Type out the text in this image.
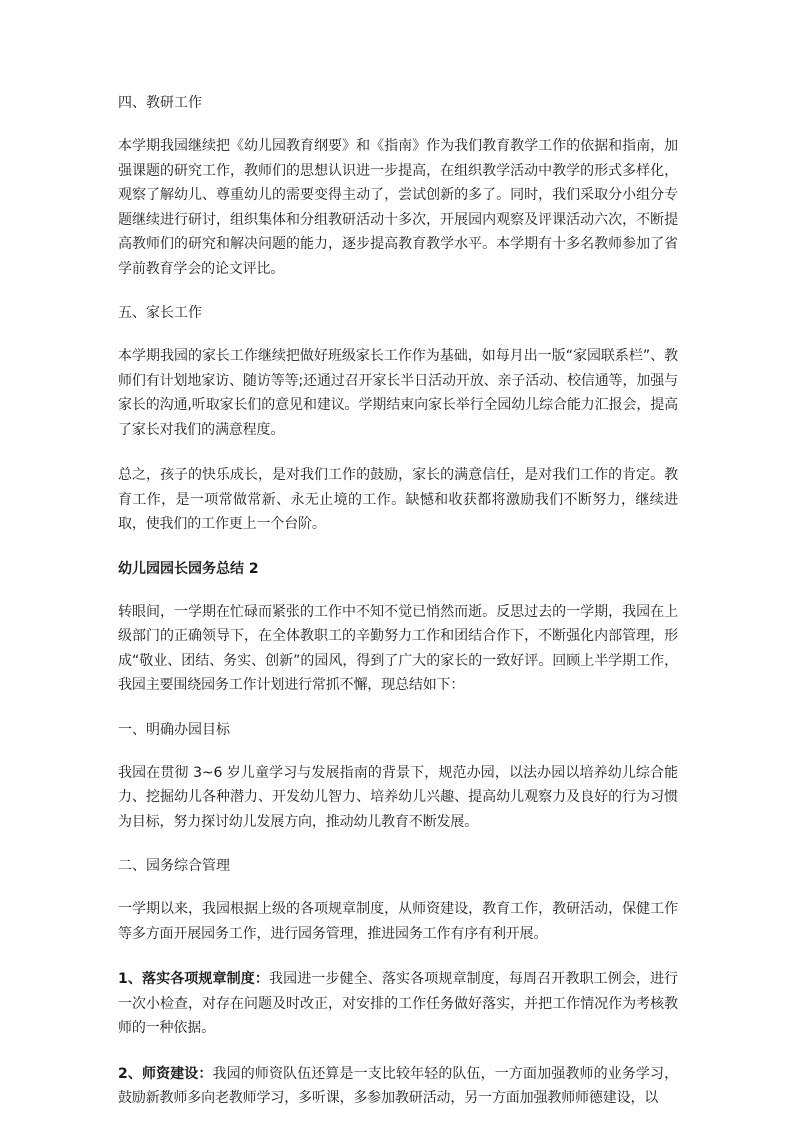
四、教研工作

本学期我园继续把《幼儿园教育纲要》和《指南》作为我们教育教学工作的依据和指南，加强课题的研究工作，教师们的思想认识进一步提高，在组织教学活动中教学的形式多样化，观察了解幼儿、尊重幼儿的需要变得主动了，尝试创新的多了。同时，我们采取分小组分专题继续进行研讨，组织集体和分组教研活动十多次，开展园内观察及评课活动六次，不断提高教师们的研究和解决问题的能力，逐步提高教育教学水平。本学期有十多名教师参加了省学前教育学会的论文评比。

五、家长工作

本学期我园的家长工作继续把做好班级家长工作作为基础，如每月出一版“家园联系栏”、教师们有计划地家访、随访等等;还通过召开家长半日活动开放、亲子活动、校信通等，加强与家长的沟通,听取家长们的意见和建议。学期结束向家长举行全园幼儿综合能力汇报会，提高了家长对我们的满意程度。

总之，孩子的快乐成长，是对我们工作的鼓励，家长的满意信任，是对我们工作的肯定。教育工作，是一项常做常新、永无止境的工作。缺憾和收获都将激励我们不断努力，继续进取，使我们的工作更上一个台阶。

幼儿园园长园务总结 2

转眼间，一学期在忙碌而紧张的工作中不知不觉已悄然而逝。反思过去的一学期，我园在上级部门的正确领导下，在全体教职工的辛勤努力工作和团结合作下，不断强化内部管理，形成“敬业、团结、务实、创新”的园风，得到了广大的家长的一致好评。回顾上半学期工作，我园主要围绕园务工作计划进行常抓不懈，现总结如下：

一、明确办园目标

我园在贯彻 3~6 岁儿童学习与发展指南的背景下，规范办园，以法办园以培养幼儿综合能力、挖掘幼儿各种潜力、开发幼儿智力、培养幼儿兴趣、提高幼儿观察力及良好的行为习惯为目标，努力探讨幼儿发展方向，推动幼儿教育不断发展。

二、园务综合管理

一学期以来，我园根据上级的各项规章制度，从师资建设，教育工作，教研活动，保健工作等多方面开展园务工作，进行园务管理，推进园务工作有序有利开展。

1、落实各项规章制度：我园进一步健全、落实各项规章制度，每周召开教职工例会，进行一次小检查，对存在问题及时改正，对安排的工作任务做好落实，并把工作情况作为考核教师的一种依据。

2、师资建设：我园的师资队伍还算是一支比较年轻的队伍，一方面加强教师的业务学习，鼓励新教师多向老教师学习，多听课，多参加教研活动，另一方面加强教师师德建设，以
